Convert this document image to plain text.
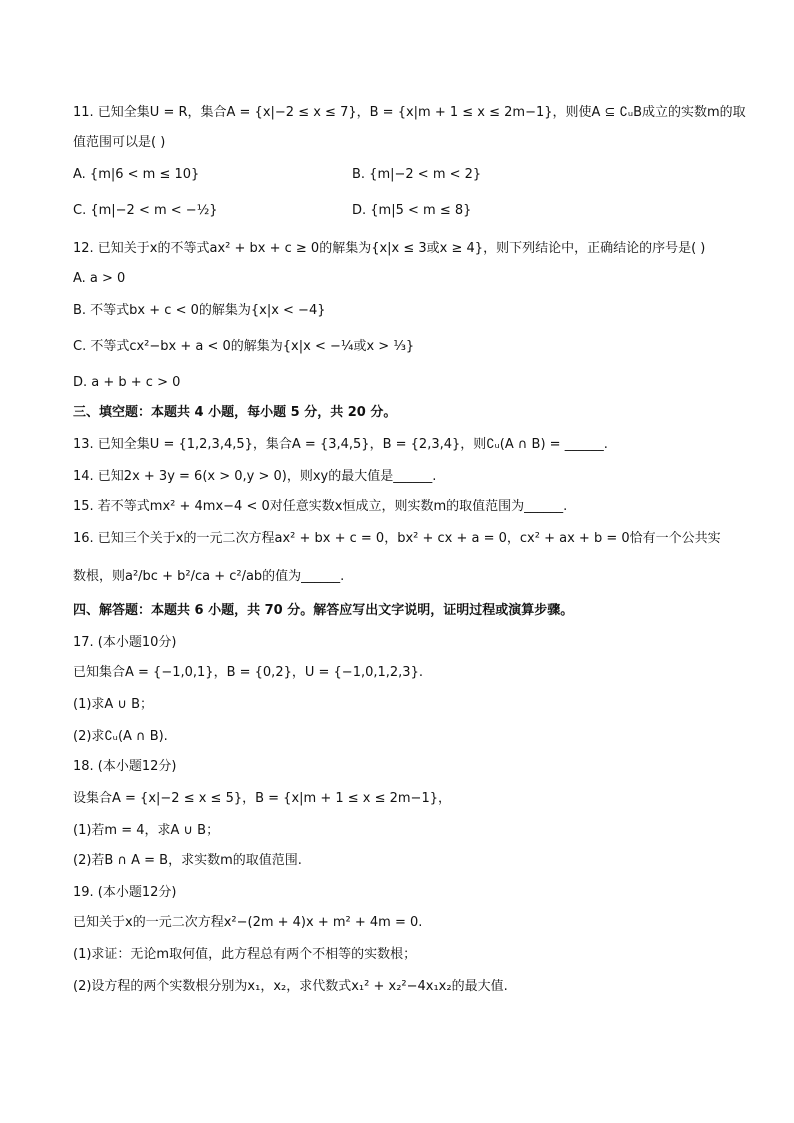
11. 已知全集U = R，集合A = {x|−2 ≤ x ≤ 7}，B = {x|m + 1 ≤ x ≤ 2m−1}，则使A ⊆ ∁ᵤB成立的实数m的取
值范围可以是( )
A. {m|6 < m ≤ 10}	B. {m|−2 < m < 2}
C. {m|−2 < m < −½}	D. {m|5 < m ≤ 8}
12. 已知关于x的不等式ax² + bx + c ≥ 0的解集为{x|x ≤ 3或x ≥ 4}，则下列结论中，正确结论的序号是( )
A. a > 0
B. 不等式bx + c < 0的解集为{x|x < −4}
C. 不等式cx²−bx + a < 0的解集为{x|x < −¼或x > ⅓}
D. a + b + c > 0
三、填空题：本题共 4 小题，每小题 5 分，共 20 分。
13. 已知全集U = {1,2,3,4,5}，集合A = {3,4,5}，B = {2,3,4}，则∁ᵤ(A ∩ B) = ______.
14. 已知2x + 3y = 6(x > 0,y > 0)，则xy的最大值是______.
15. 若不等式mx² + 4mx−4 < 0对任意实数x恒成立，则实数m的取值范围为______.
16. 已知三个关于x的一元二次方程ax² + bx + c = 0，bx² + cx + a = 0，cx² + ax + b = 0恰有一个公共实
数根，则a²/bc + b²/ca + c²/ab的值为______.
四、解答题：本题共 6 小题，共 70 分。解答应写出文字说明，证明过程或演算步骤。
17. (本小题10分)
已知集合A = {−1,0,1}，B = {0,2}，U = {−1,0,1,2,3}.
(1)求A ∪ B；
(2)求∁ᵤ(A ∩ B).
18. (本小题12分)
设集合A = {x|−2 ≤ x ≤ 5}，B = {x|m + 1 ≤ x ≤ 2m−1}，
(1)若m = 4，求A ∪ B；
(2)若B ∩ A = B，求实数m的取值范围.
19. (本小题12分)
已知关于x的一元二次方程x²−(2m + 4)x + m² + 4m = 0.
(1)求证：无论m取何值，此方程总有两个不相等的实数根；
(2)设方程的两个实数根分别为x₁，x₂，求代数式x₁² + x₂²−4x₁x₂的最大值.
